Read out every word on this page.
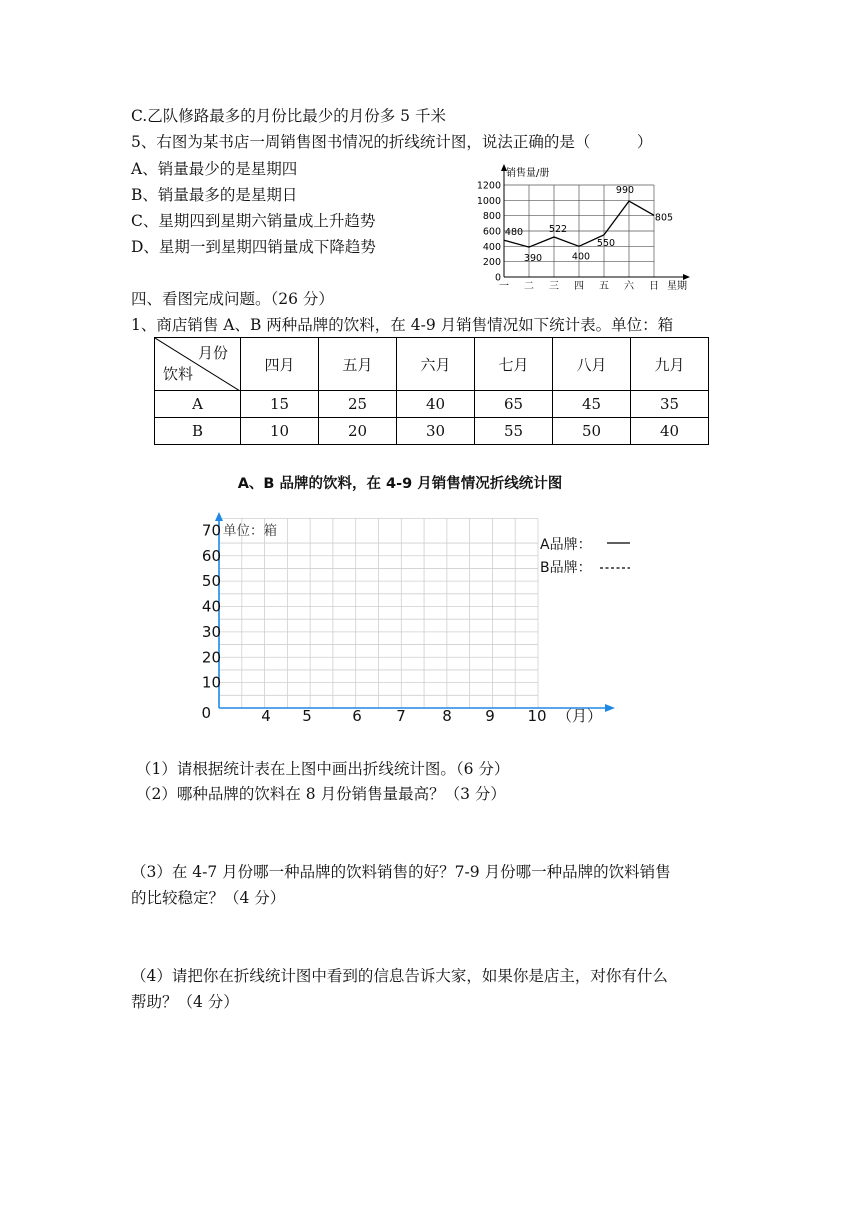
C.乙队修路最多的月份比最少的月份多 5 千米
5、右图为某书店一周销售图书情况的折线统计图，说法正确的是（　　　）
A、销量最少的是星期四
B、销量最多的是星期日
C、星期四到星期六销量成上升趋势
D、星期一到星期四销量成下降趋势
1200
1000
800
600
400
200
0
一 二 三 四 五 六 日
480
390
522
400
550
990
805
销售量/册
星期
四、看图完成问题。（26 分）
1、商店销售 A、B 两种品牌的饮料，在 4-9 月销售情况如下统计表。单位：箱
月份
饮料	四月	五月	六月	七月	八月	九月
A	15	25	40	65	45	35
B	10	20	30	55	50	40
A、B 品牌的饮料，在 4-9 月销售情况折线统计图
70
60
50
40
30
20
10
0	4 5	6 7 8 9 10
单位：箱
（月）
A品牌：
B品牌：
（1）请根据统计表在上图中画出折线统计图。（6 分）
（2）哪种品牌的饮料在 8 月份销售量最高？（3 分）
（3）在 4-7 月份哪一种品牌的饮料销售的好？7-9 月份哪一种品牌的饮料销售
的比较稳定？（4 分）
（4）请把你在折线统计图中看到的信息告诉大家，如果你是店主，对你有什么
帮助？（4 分）
